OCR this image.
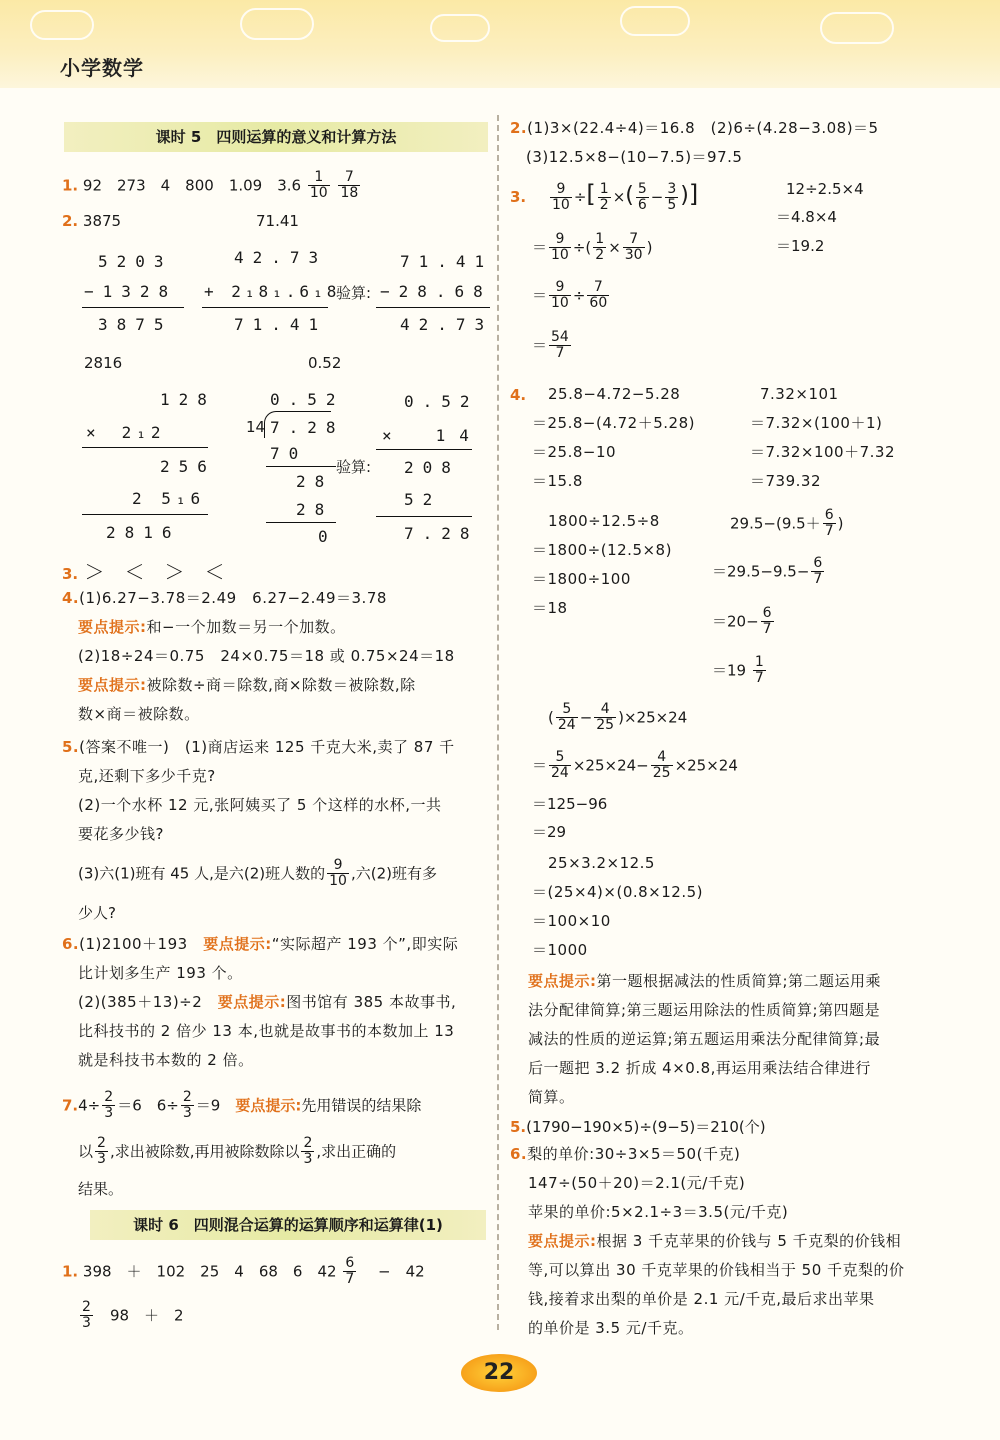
小学数学
课时 5　四则运算的意义和计算方法
1. 92　273　4　800　1.09　$3.6 \frac{1}{10}$
$\frac{7}{18}$
2. 3875	71.41
5203
−1328
3875
42.73
+ 2₁8₁.6₁8
71.41
验算:
71.41
−28.68
42.73
2816	0.52
128
×　2₁2
256
2 5₁6
2816
0.52
14 7.28
70
28
28
0
验算:
0.52
×　14
208
52
7.28
3. ＞　＜　＞　＜
4.(1)6.27−3.78＝2.49　6.27−2.49＝3.78
要点提示:和−一个加数＝另一个加数。
(2)18÷24＝0.75　24×0.75＝18 或 0.75×24＝18
要点提示:被除数÷商＝除数,商×除数＝被除数,除
数×商＝被除数。
5.(答案不唯一)　(1)商店运来 125 千克大米,卖了 87 千
克,还剩下多少千克?
(2)一个水杯 12 元,张阿姨买了 5 个这样的水杯,一共
要花多少钱?
(3)六(1)班有 45 人,是六(2)班人数的 $\frac{9}{10}$ ,六(2)班有多
少人?
6.(1)2100＋193　 要点提示:“实际超产 193 个”,即实际
比计划多生产 193 个。
(2)(385＋13)÷2　 要点提示:图书馆有 385 本故事书,
比科技书的 2 倍少 13 本,也就是故事书的本数加上 13
就是科技书本数的 2 倍。
$7.4\div \frac{2}{3} =6$　$6\div \frac{2}{3} =9$　 要点提示:先用错误的结果除
以 $\frac{2}{3}$ ,求出被除数,再用被除数除以 $\frac{2}{3}$ ,求出正确的
结果。
课时 6　四则混合运算的运算顺序和运算律(1)
1. 398　＋　102　25　4　68　6　$42 \frac{6}{7}$
　 −　42
$\frac{2}{3}$
　 98　＋　2
2.(1)3×(22.4÷4)＝16.8　(2)6÷(4.28−3.08)＝5
(3)12.5×8−(10−7.5)＝97.5
3. $\frac{9}{10}$ ÷[ $\frac{1}{2}$ ×( $\frac{5}{6} - \frac{3}{5}$ )]	12÷2.5×4
＝4.8×4
＝19.2
＝ $\frac{9}{10}$ ÷( $\frac{1}{2} \times \frac{7}{30}$ )
＝ $\frac{9}{10} \div \frac{7}{60}$
＝ $\frac{54}{7}$
4.	25.8−4.72−5.28
＝25.8−(4.72＋5.28)
＝25.8−10
＝15.8
7.32×101
＝7.32×(100＋1)
＝7.32×100＋7.32
＝739.32
1800÷12.5÷8
＝1800÷(12.5×8)
＝1800÷100
＝18
$29.5-(9.5+ \frac{6}{7}$ )
$=29.5-9.5- \frac{6}{7}$
$=20- \frac{6}{7}$
$=19 \frac{1}{7}$
( $\frac{5}{24} - \frac{4}{25} )\times 25\times 24$
＝ $\frac{5}{24} \times 25\times 24- \frac{4}{25} \times 25\times 24$
＝125−96
＝29
25×3.2×12.5
＝(25×4)×(0.8×12.5)
＝100×10
＝1000
要点提示:第一题根据减法的性质简算;第二题运用乘
法分配律简算;第三题运用除法的性质简算;第四题是
减法的性质的逆运算;第五题运用乘法分配律简算;最
后一题把 3.2 折成 4×0.8,再运用乘法结合律进行
简算。
5.(1790−190×5)÷(9−5)＝210(个)
6.梨的单价:30÷3×5＝50(千克)
147÷(50＋20)＝2.1(元/千克)
苹果的单价:5×2.1÷3＝3.5(元/千克)
要点提示:根据 3 千克苹果的价钱与 5 千克梨的价钱相
等,可以算出 30 千克苹果的价钱相当于 50 千克梨的价
钱,接着求出梨的单价是 2.1 元/千克,最后求出苹果
的单价是 3.5 元/千克。
22
